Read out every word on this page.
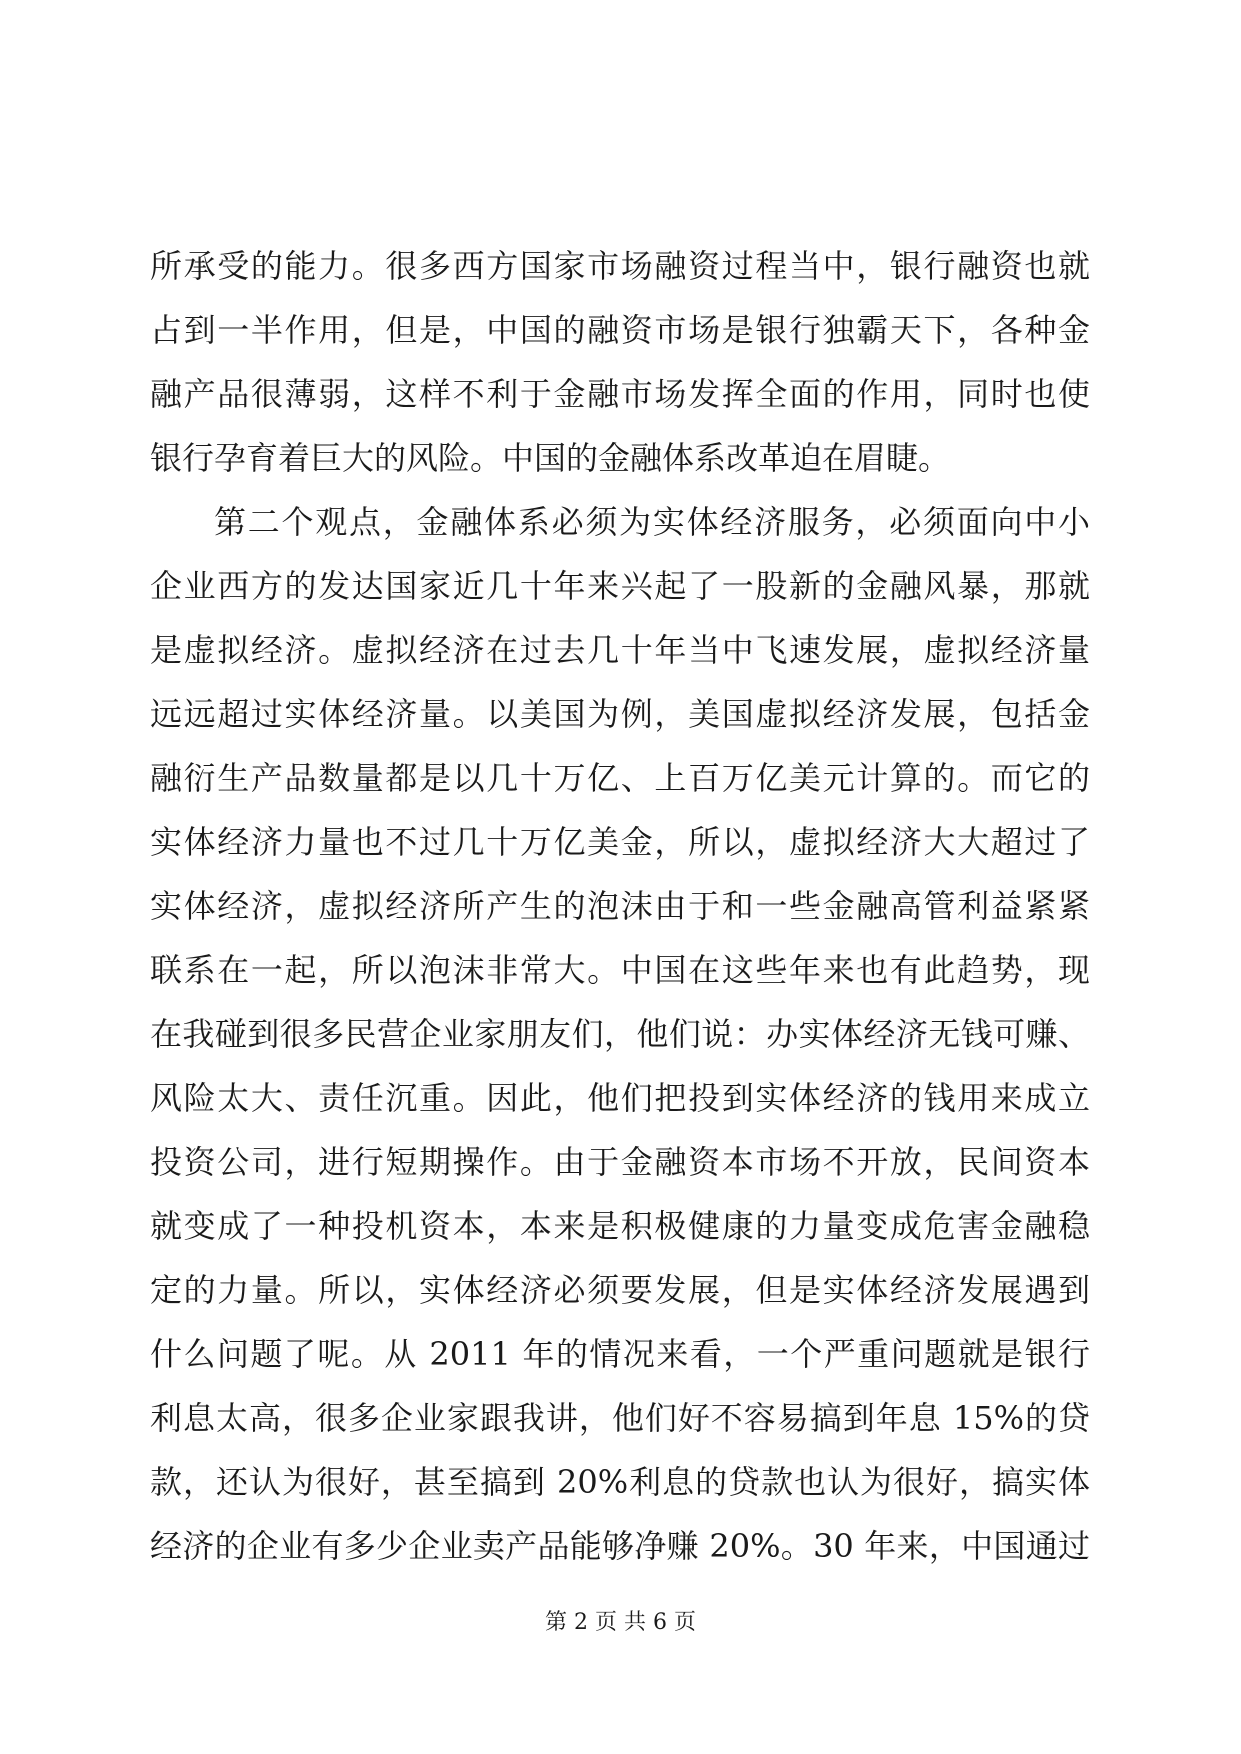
所承受的能力。很多西方国家市场融资过程当中，银行融资也就
占到一半作用，但是，中国的融资市场是银行独霸天下，各种金
融产品很薄弱，这样不利于金融市场发挥全面的作用，同时也使
银行孕育着巨大的风险。中国的金融体系改革迫在眉睫。
第二个观点，金融体系必须为实体经济服务，必须面向中小
企业西方的发达国家近几十年来兴起了一股新的金融风暴，那就
是虚拟经济。虚拟经济在过去几十年当中飞速发展，虚拟经济量
远远超过实体经济量。以美国为例，美国虚拟经济发展，包括金
融衍生产品数量都是以几十万亿、上百万亿美元计算的。而它的
实体经济力量也不过几十万亿美金，所以，虚拟经济大大超过了
实体经济，虚拟经济所产生的泡沫由于和一些金融高管利益紧紧
联系在一起，所以泡沫非常大。中国在这些年来也有此趋势，现
在我碰到很多民营企业家朋友们，他们说：办实体经济无钱可赚、
风险太大、责任沉重。因此，他们把投到实体经济的钱用来成立
投资公司，进行短期操作。由于金融资本市场不开放，民间资本
就变成了一种投机资本，本来是积极健康的力量变成危害金融稳
定的力量。所以，实体经济必须要发展，但是实体经济发展遇到
什么问题了呢。从 2011 年的情况来看，一个严重问题就是银行
利息太高，很多企业家跟我讲，他们好不容易搞到年息 15%的贷
款，还认为很好，甚至搞到 20%利息的贷款也认为很好，搞实体
经济的企业有多少企业卖产品能够净赚 20%。30 年来，中国通过
第 2 页 共 6 页
